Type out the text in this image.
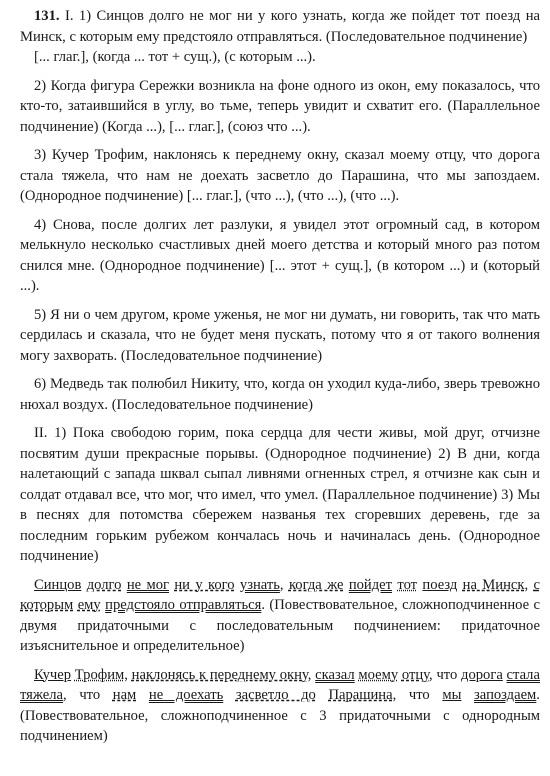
131. I. 1) Синцов долго не мог ни у кого узнать, когда же пойдет тот поезд на Минск, с которым ему предстояло отправляться. (Последовательное подчинение)

[... глаг.], (когда ... тот + сущ.), (с которым ...).

2) Когда фигура Сережки возникла на фоне одного из окон, ему показалось, что кто-то, затаившийся в углу, во тьме, теперь увидит и схватит его. (Параллельное подчинение) (Когда ...), [... глаг.], (союз что ...).

3) Кучер Трофим, наклонясь к переднему окну, сказал моему отцу, что дорога стала тяжела, что нам не доехать засветло до Парашина, что мы запоздаем. (Однородное подчинение) [... глаг.], (что ...), (что ...), (что ...).

4) Снова, после долгих лет разлуки, я увидел этот огромный сад, в котором мелькнуло несколько счастливых дней моего детства и который много раз потом снился мне. (Однородное подчинение) [... этот + сущ.], (в котором ...) и (который ...).

5) Я ни о чем другом, кроме уженья, не мог ни думать, ни говорить, так что мать сердилась и сказала, что не будет меня пускать, потому что я от такого волнения могу захворать. (Последовательное подчинение)

6) Медведь так полюбил Никиту, что, когда он уходил куда-либо, зверь тревожно нюхал воздух. (Последовательное подчинение)

II. 1) Пока свободою горим, пока сердца для чести живы, мой друг, отчизне посвятим души прекрасные порывы. (Однородное подчинение) 2) В дни, когда налетающий с запада шквал сыпал ливнями огненных стрел, я отчизне как сын и солдат отдавал все, что мог, что имел, что умел. (Параллельное подчинение) 3) Мы в песнях для потомства сбережем названья тех сгоревших деревень, где за последним горьким рубежом кончалась ночь и начиналась день. (Однородное подчинение)

Синцов долго не мог ни у кого узнать, когда же пойдет тот поезд на Минск, с которым ему предстояло отправляться. (Повествовательное, сложноподчиненное с двумя придаточными с последовательным подчинением: придаточное изъяснительное и определительное)

Кучер Трофим, наклонясь к переднему окну, сказал моему отцу, что дорога стала тяжела, что нам не доехать засветло до Парашина, что мы запоздаем. (Повествовательное, сложноподчиненное с 3 придаточными с однородным подчинением)
